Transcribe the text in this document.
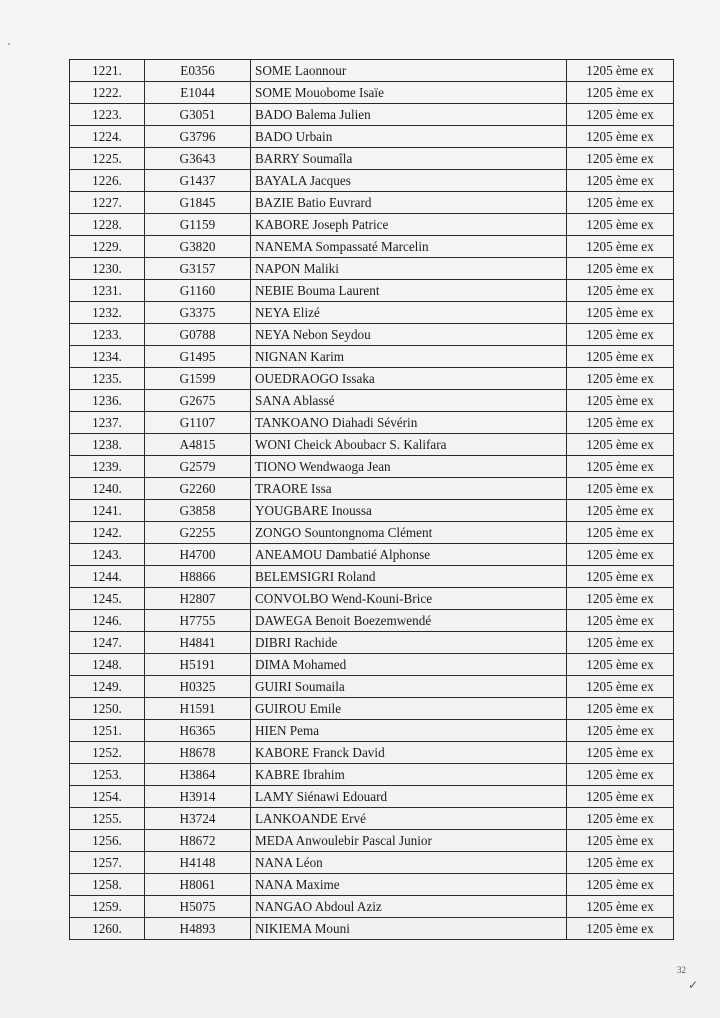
1221.	E0356	SOME Laonnour	1205 ème ex
1222.	E1044	SOME Mouobome Isaïe	1205 ème ex
1223.	G3051	BADO Balema Julien	1205 ème ex
1224.	G3796	BADO Urbain	1205 ème ex
1225.	G3643	BARRY Soumaîla	1205 ème ex
1226.	G1437	BAYALA Jacques	1205 ème ex
1227.	G1845	BAZIE Batio Euvrard	1205 ème ex
1228.	G1159	KABORE Joseph Patrice	1205 ème ex
1229.	G3820	NANEMA Sompassaté Marcelin	1205 ème ex
1230.	G3157	NAPON Maliki	1205 ème ex
1231.	G1160	NEBIE Bouma Laurent	1205 ème ex
1232.	G3375	NEYA Elizé	1205 ème ex
1233.	G0788	NEYA Nebon Seydou	1205 ème ex
1234.	G1495	NIGNAN Karim	1205 ème ex
1235.	G1599	OUEDRAOGO Issaka	1205 ème ex
1236.	G2675	SANA Ablassé	1205 ème ex
1237.	G1107	TANKOANO Diahadi Sévérin	1205 ème ex
1238.	A4815	WONI Cheick Aboubacr S. Kalifara	1205 ème ex
1239.	G2579	TIONO Wendwaoga Jean	1205 ème ex
1240.	G2260	TRAORE Issa	1205 ème ex
1241.	G3858	YOUGBARE Inoussa	1205 ème ex
1242.	G2255	ZONGO Sountongnoma Clément	1205 ème ex
1243.	H4700	ANEAMOU Dambatié Alphonse	1205 ème ex
1244.	H8866	BELEMSIGRI Roland	1205 ème ex
1245.	H2807	CONVOLBO Wend-Kouni-Brice	1205 ème ex
1246.	H7755	DAWEGA Benoit Boezemwendé	1205 ème ex
1247.	H4841	DIBRI Rachide	1205 ème ex
1248.	H5191	DIMA Mohamed	1205 ème ex
1249.	H0325	GUIRI Soumaila	1205 ème ex
1250.	H1591	GUIROU Emile	1205 ème ex
1251.	H6365	HIEN Pema	1205 ème ex
1252.	H8678	KABORE Franck David	1205 ème ex
1253.	H3864	KABRE Ibrahim	1205 ème ex
1254.	H3914	LAMY Siénawi Edouard	1205 ème ex
1255.	H3724	LANKOANDE Ervé	1205 ème ex
1256.	H8672	MEDA Anwoulebir Pascal Junior	1205 ème ex
1257.	H4148	NANA Léon	1205 ème ex
1258.	H8061	NANA Maxime	1205 ème ex
1259.	H5075	NANGAO Abdoul Aziz	1205 ème ex
1260.	H4893	NIKIEMA Mouni	1205 ème ex
32
✓
